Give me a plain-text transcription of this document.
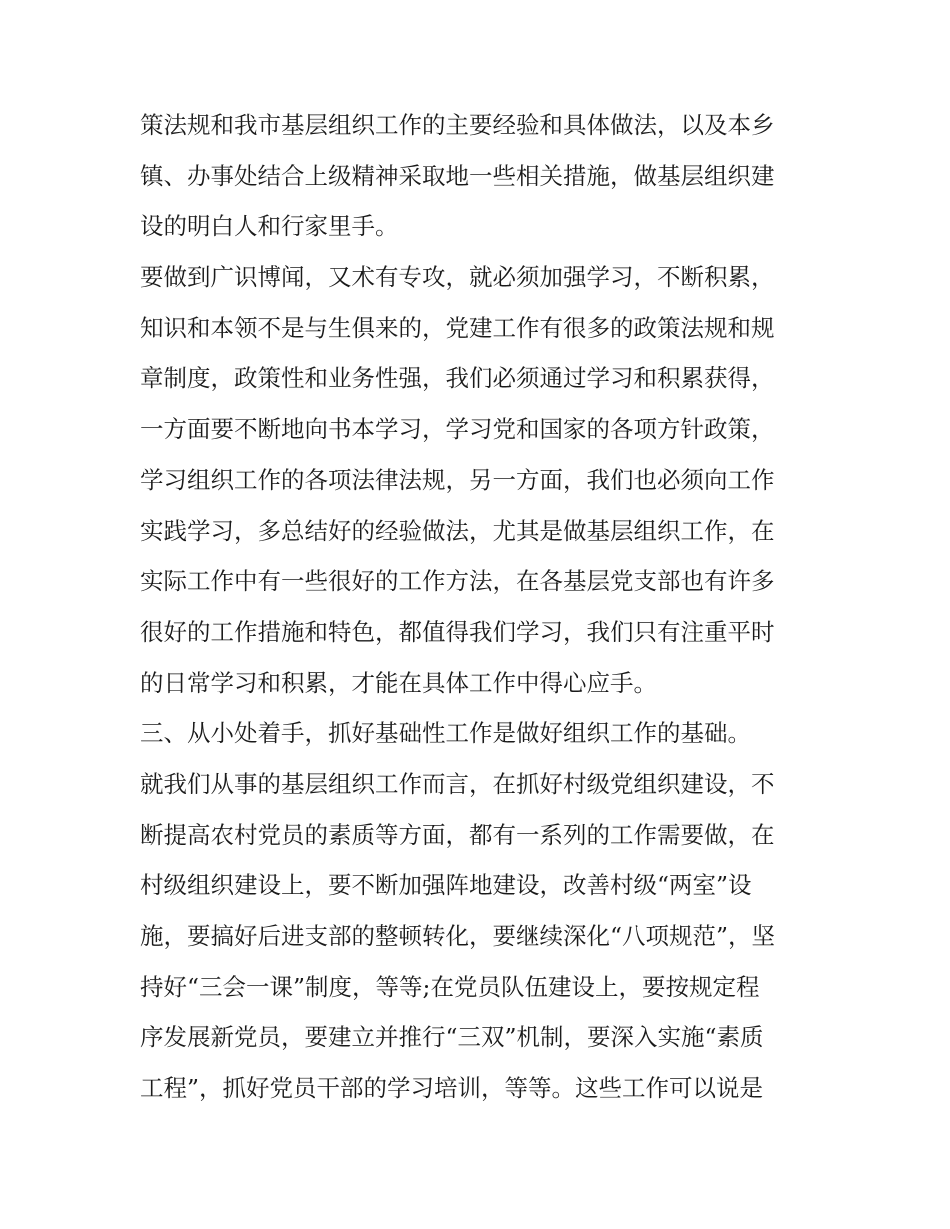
策法规和我市基层组织工作的主要经验和具体做法，以及本乡
镇、办事处结合上级精神采取地一些相关措施，做基层组织建
设的明白人和行家里手。
要做到广识博闻，又术有专攻，就必须加强学习，不断积累，
知识和本领不是与生俱来的，党建工作有很多的政策法规和规
章制度，政策性和业务性强，我们必须通过学习和积累获得，
一方面要不断地向书本学习，学习党和国家的各项方针政策，
学习组织工作的各项法律法规，另一方面，我们也必须向工作
实践学习，多总结好的经验做法，尤其是做基层组织工作，在
实际工作中有一些很好的工作方法，在各基层党支部也有许多
很好的工作措施和特色，都值得我们学习，我们只有注重平时
的日常学习和积累，才能在具体工作中得心应手。
三、从小处着手，抓好基础性工作是做好组织工作的基础。
就我们从事的基层组织工作而言，在抓好村级党组织建设，不
断提高农村党员的素质等方面，都有一系列的工作需要做，在
村级组织建设上，要不断加强阵地建设，改善村级“两室”设
施，要搞好后进支部的整顿转化，要继续深化“八项规范”，坚
持好“三会一课”制度，等等;在党员队伍建设上，要按规定程
序发展新党员，要建立并推行“三双”机制，要深入实施“素质
工程”，抓好党员干部的学习培训，等等。这些工作可以说是
